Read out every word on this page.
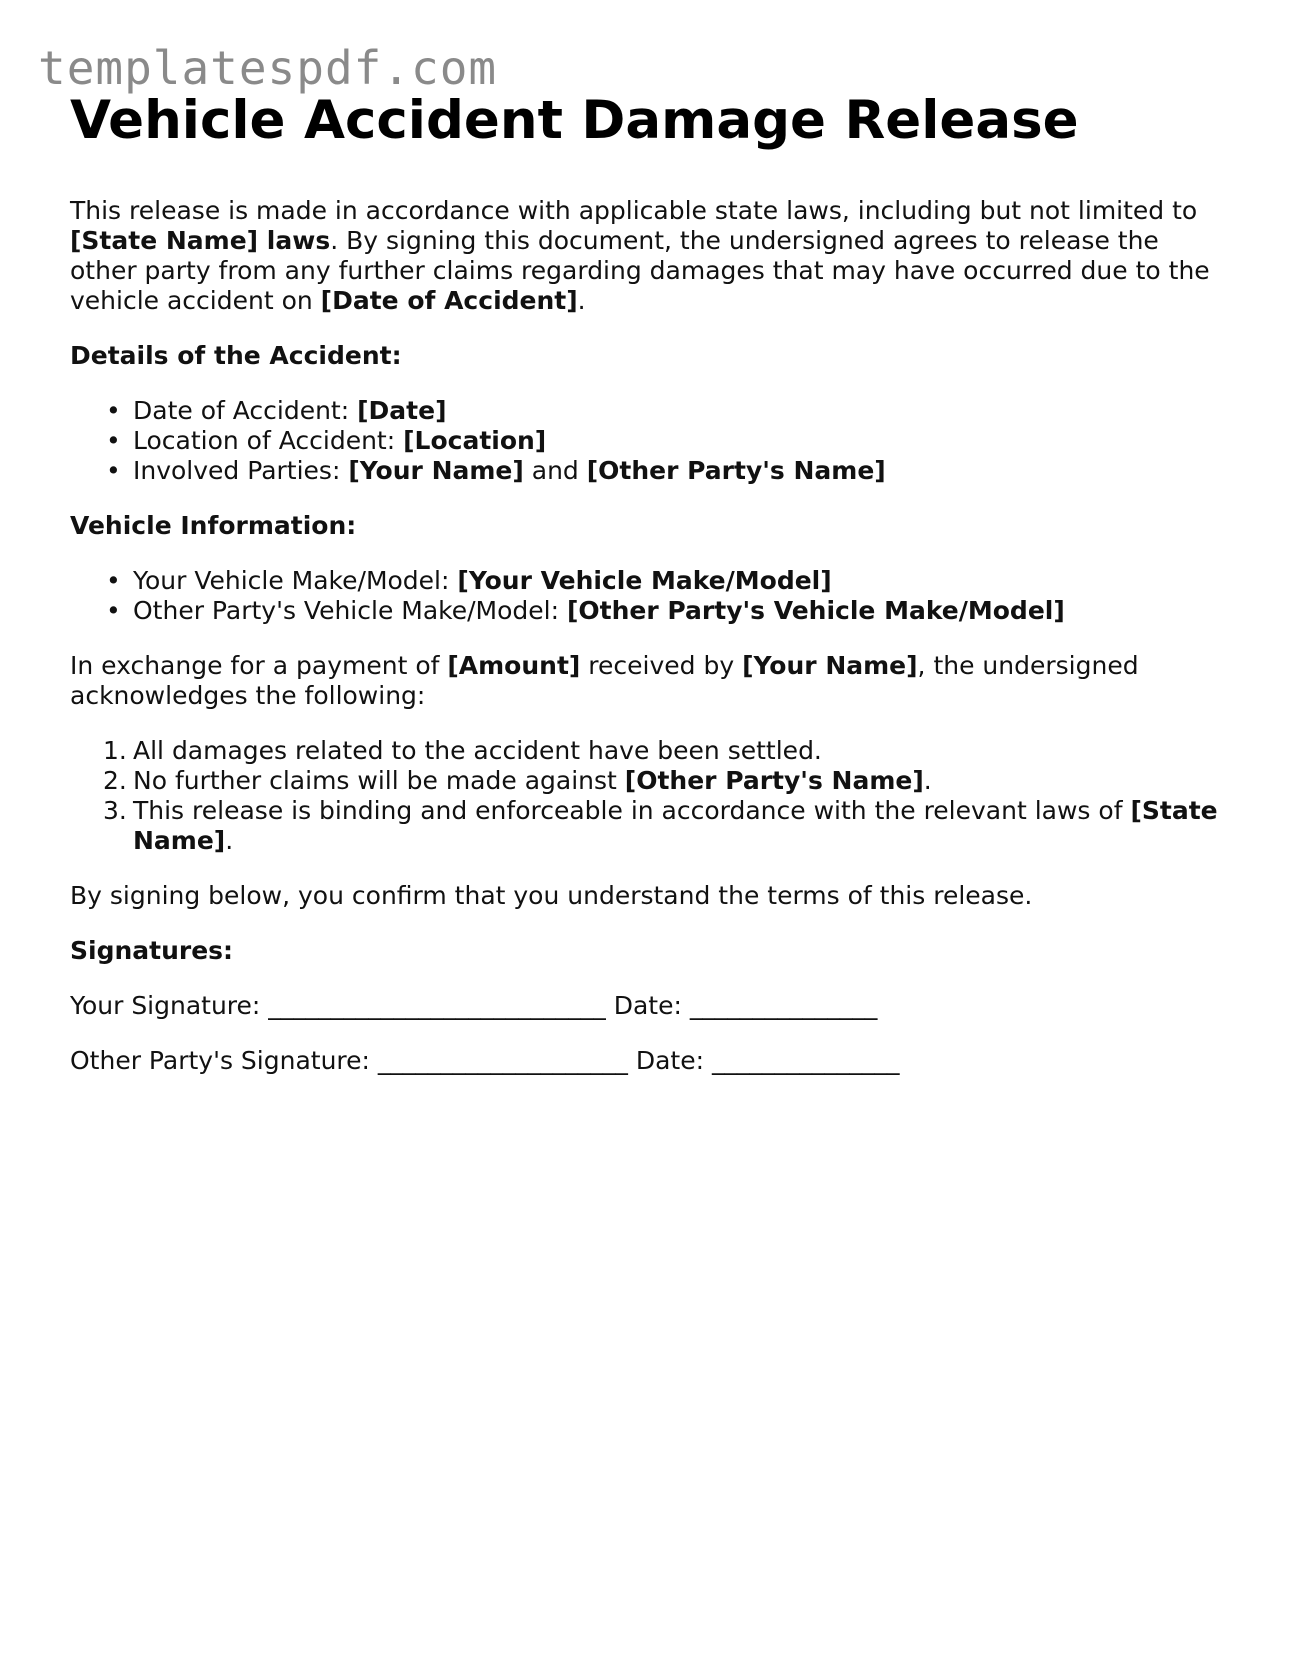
templatespdf.com
Vehicle Accident Damage Release

This release is made in accordance with applicable state laws, including but not limited to [State Name] laws. By signing this document, the undersigned agrees to release the other party from any further claims regarding damages that may have occurred due to the vehicle accident on [Date of Accident].

Details of the Accident:

• Date of Accident: [Date]
• Location of Accident: [Location]
• Involved Parties: [Your Name] and [Other Party's Name]

Vehicle Information:

• Your Vehicle Make/Model: [Your Vehicle Make/Model]
• Other Party's Vehicle Make/Model: [Other Party's Vehicle Make/Model]

In exchange for a payment of [Amount] received by [Your Name], the undersigned acknowledges the following:

1. All damages related to the accident have been settled.
2. No further claims will be made against [Other Party's Name].
3. This release is binding and enforceable in accordance with the relevant laws of [State Name].

By signing below, you confirm that you understand the terms of this release.

Signatures:

Your Signature: ___________________________ Date: _______________

Other Party's Signature: ____________________ Date: _______________
